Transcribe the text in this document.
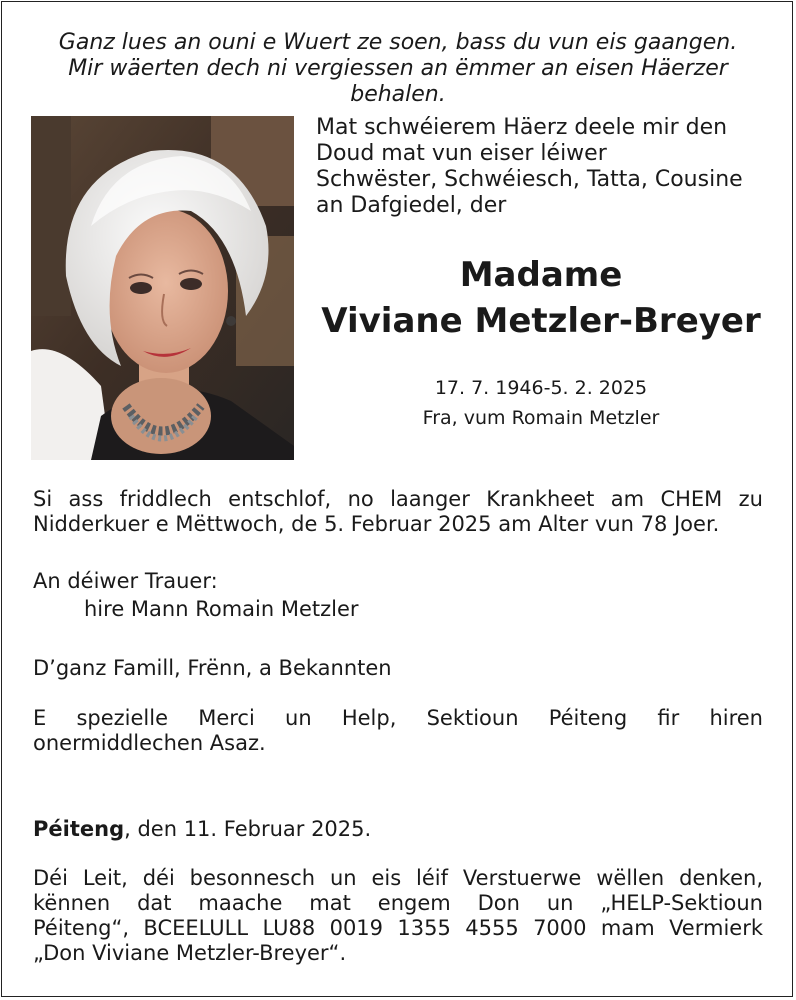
Ganz lues an ouni e Wuert ze soen, bass du vun eis gaangen.
Mir wäerten dech ni vergiessen an ëmmer an eisen Häerzer
behalen.
Mat schwéierem Häerz deele mir den
Doud mat vun eiser léiwer
Schwëster, Schwéiesch, Tatta, Cousine
an Dafgiedel, der
Madame
Viviane Metzler-Breyer
17. 7. 1946-5. 2. 2025
Fra, vum Romain Metzler
Si ass friddlech entschlof, no laanger Krankheet am CHEM zu
Nidderkuer e Mëttwoch, de 5. Februar 2025 am Alter vun 78 Joer.
An déiwer Trauer:
hire Mann Romain Metzler
D’ganz Famill, Frënn, a Bekannten
E spezielle Merci un Help, Sektioun Péiteng fir hiren
onermiddlechen Asaz.
Péiteng, den 11. Februar 2025.
Déi Leit, déi besonnesch un eis léif Verstuerwe wëllen denken,
kënnen dat maache mat engem Don un „HELP-Sektioun
Péiteng“, BCEELULL LU88 0019 1355 4555 7000 mam Vermierk
„Don Viviane Metzler-Breyer“.
